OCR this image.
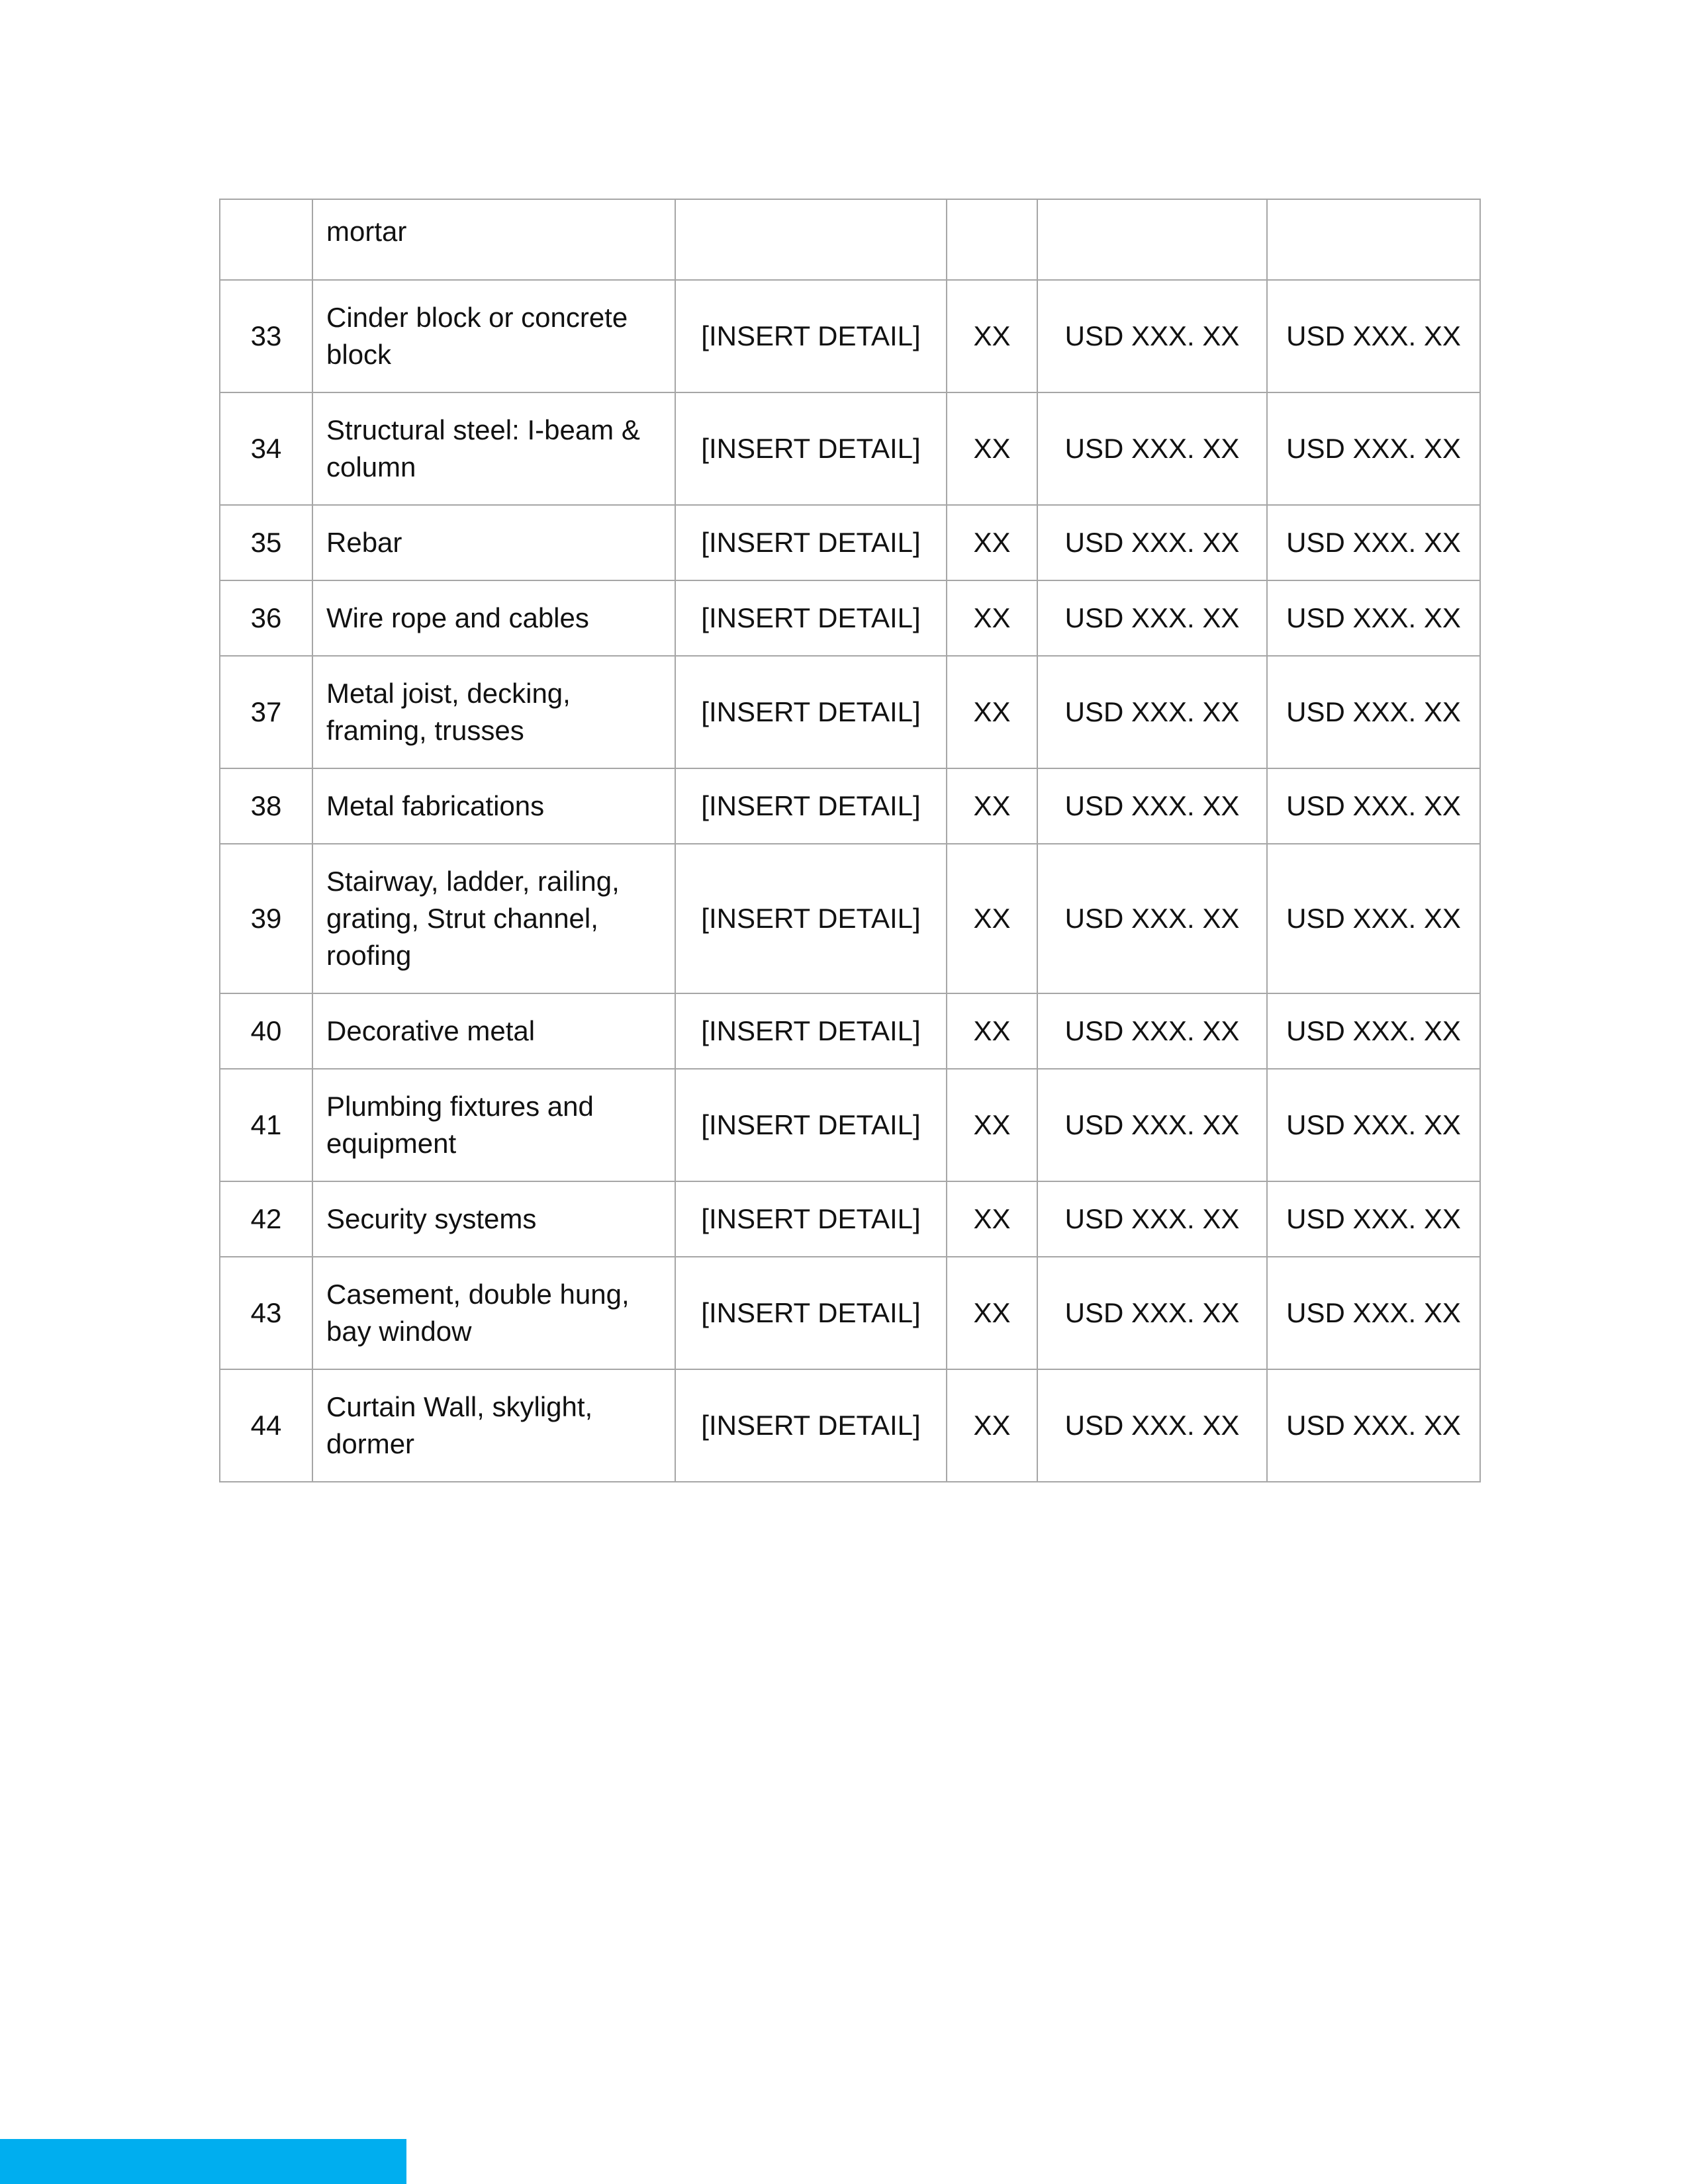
	mortar				
33	Cinder block or concrete block	[INSERT DETAIL]	XX	USD XXX. XX	USD XXX. XX
34	Structural steel: I-beam & column	[INSERT DETAIL]	XX	USD XXX. XX	USD XXX. XX
35	Rebar	[INSERT DETAIL]	XX	USD XXX. XX	USD XXX. XX
36	Wire rope and cables	[INSERT DETAIL]	XX	USD XXX. XX	USD XXX. XX
37	Metal joist, decking, framing, trusses	[INSERT DETAIL]	XX	USD XXX. XX	USD XXX. XX
38	Metal fabrications	[INSERT DETAIL]	XX	USD XXX. XX	USD XXX. XX
39	Stairway, ladder, railing, grating, Strut channel, roofing	[INSERT DETAIL]	XX	USD XXX. XX	USD XXX. XX
40	Decorative metal	[INSERT DETAIL]	XX	USD XXX. XX	USD XXX. XX
41	Plumbing fixtures and equipment	[INSERT DETAIL]	XX	USD XXX. XX	USD XXX. XX
42	Security systems	[INSERT DETAIL]	XX	USD XXX. XX	USD XXX. XX
43	Casement, double hung, bay window	[INSERT DETAIL]	XX	USD XXX. XX	USD XXX. XX
44	Curtain Wall, skylight, dormer	[INSERT DETAIL]	XX	USD XXX. XX	USD XXX. XX
